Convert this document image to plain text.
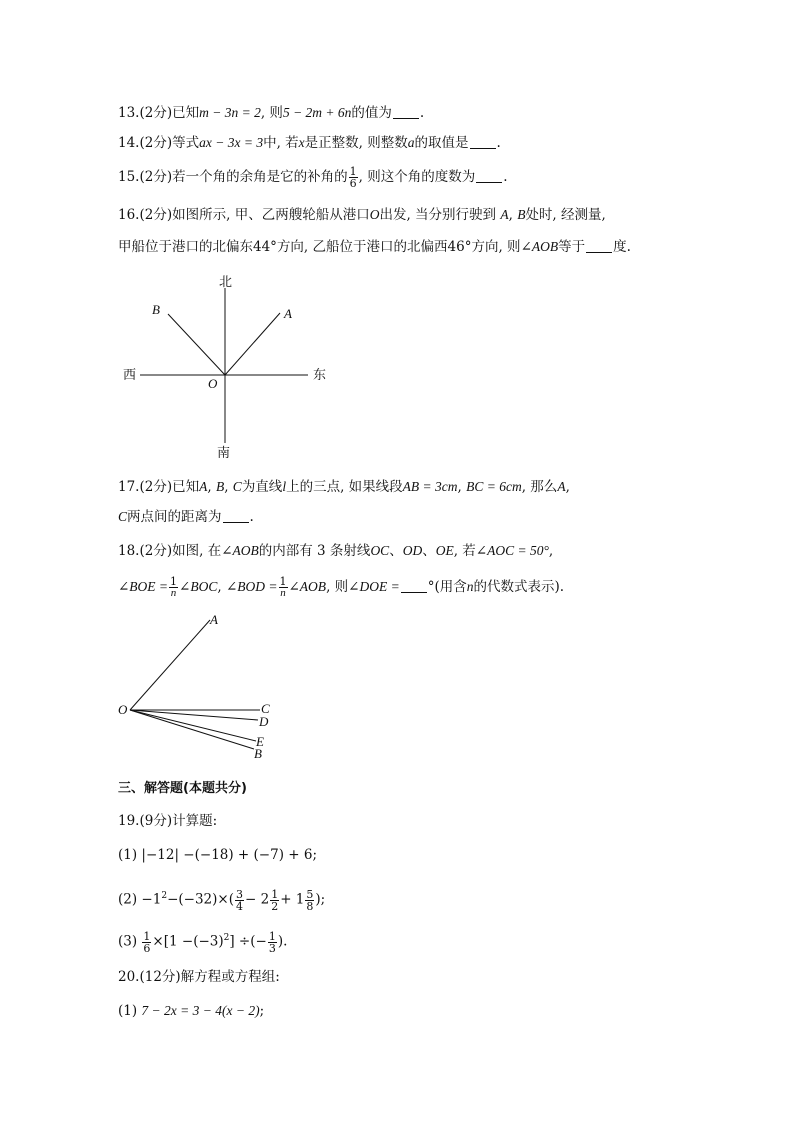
13.(2分)已知m − 3n = 2, 则5 − 2m + 6n的值为 .
14.(2分)等式ax − 3x = 3中, 若x是正整数, 则整数a的取值是 .
15.(2分)若一个角的余角是它的补角的 $\frac{1}{6}$ , 则这个角的度数为 .
16.(2分)如图所示, 甲、乙两艘轮船从港口O出发, 当分别行驶到 A, B处时, 经测量,
甲船位于港口的北偏东44°方向, 乙船位于港口的北偏西46°方向, 则∠AOB等于 度.
北
南
西	东
A
B
O
17.(2分)已知A, B, C为直线l上的三点, 如果线段AB = 3cm, BC = 6cm, 那么A,
C两点间的距离为 .
18.(2分)如图, 在∠AOB的内部有 3 条射线OC、OD、OE, 若∠AOC = 50°,
∠BOE = $\frac{1}{n}$ ∠BOC, ∠BOD = $\frac{1}{n}$ ∠AOB, 则∠DOE = °(用含n的代数式表示).
A
O	C
D
E
B
三、解答题(本题共分)
19.(9分)计算题:
(1) |−12| −(−18) + (−7) + 6;
$(2) -1^2-(-32)\times( \frac{3}{4} - 2 \frac{1}{2} + 1 \frac{5}{8}$ );
$(3) \frac{1}{6} \times[1 -(-3)^2]$ ÷(− $\frac{1}{3}$ ).
20.(12分)解方程或方程组:
(1) 7 − 2x = 3 − 4(x − 2);
